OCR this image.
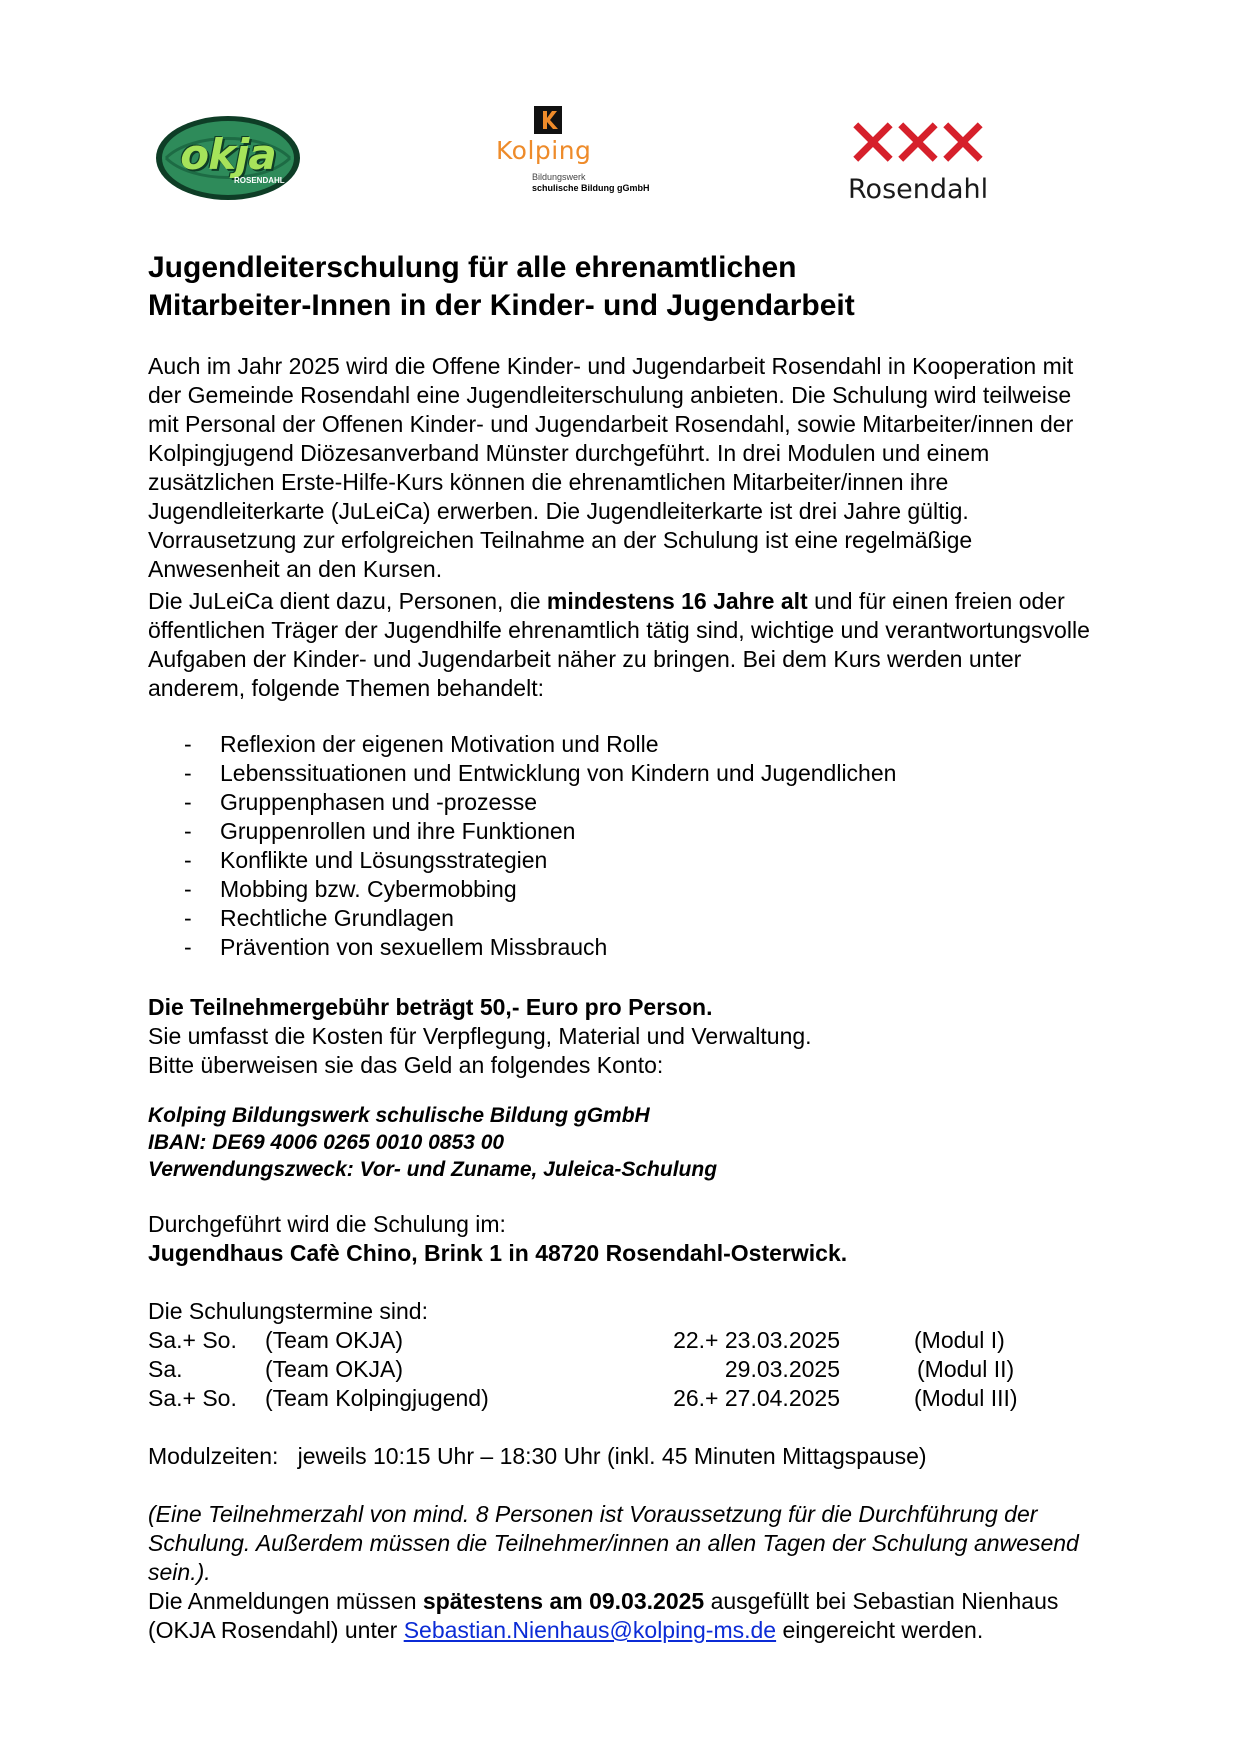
okja
ROSENDAHL
Kolping
Bildungswerk
schulische Bildung gGmbH	Rosendahl
Jugendleiterschulung für alle ehrenamtlichen
Mitarbeiter-Innen in der Kinder- und Jugendarbeit

Auch im Jahr 2025 wird die Offene Kinder- und Jugendarbeit Rosendahl in Kooperation mit der Gemeinde Rosendahl eine Jugendleiterschulung anbieten. Die Schulung wird teilweise mit Personal der Offenen Kinder- und Jugendarbeit Rosendahl, sowie Mitarbeiter/innen der Kolpingjugend Diözesanverband Münster durchgeführt. In drei Modulen und einem zusätzlichen Erste-Hilfe-Kurs können die ehrenamtlichen Mitarbeiter/innen ihre Jugendleiterkarte (JuLeiCa) erwerben. Die Jugendleiterkarte ist drei Jahre gültig. Vorrausetzung zur erfolgreichen Teilnahme an der Schulung ist eine regelmäßige Anwesenheit an den Kursen.

Die JuLeiCa dient dazu, Personen, die mindestens 16 Jahre alt und für einen freien oder öffentlichen Träger der Jugendhilfe ehrenamtlich tätig sind, wichtige und verantwortungsvolle Aufgaben der Kinder- und Jugendarbeit näher zu bringen. Bei dem Kurs werden unter anderem, folgende Themen behandelt:

- Reflexion der eigenen Motivation und Rolle
- Lebenssituationen und Entwicklung von Kindern und Jugendlichen
- Gruppenphasen und -prozesse
- Gruppenrollen und ihre Funktionen
- Konflikte und Lösungsstrategien
- Mobbing bzw. Cybermobbing
- Rechtliche Grundlagen
- Prävention von sexuellem Missbrauch

Die Teilnehmergebühr beträgt 50,- Euro pro Person.

Sie umfasst die Kosten für Verpflegung, Material und Verwaltung.

Bitte überweisen sie das Geld an folgendes Konto:

Kolping Bildungswerk schulische Bildung gGmbH
IBAN: DE69 4006 0265 0010 0853 00
Verwendungszweck: Vor- und Zuname, Juleica-Schulung

Durchgeführt wird die Schulung im:

Jugendhaus Cafè Chino, Brink 1 in 48720 Rosendahl-Osterwick.

Die Schulungstermine sind:

Sa.+ So. (Team OKJA)	22.+ 23.03.2025	(Modul I)
Sa.	(Team OKJA)	29.03.2025	(Modul II)
Sa.+ So. (Team Kolpingjugend)	26.+ 27.04.2025	(Modul III)

Modulzeiten:   jeweils 10:15 Uhr – 18:30 Uhr (inkl. 45 Minuten Mittagspause)

(Eine Teilnehmerzahl von mind. 8 Personen ist Voraussetzung für die Durchführung der Schulung. Außerdem müssen die Teilnehmer/innen an allen Tagen der Schulung anwesend sein.).

Die Anmeldungen müssen spätestens am 09.03.2025 ausgefüllt bei Sebastian Nienhaus (OKJA Rosendahl) unter Sebastian.Nienhaus@kolping-ms.de eingereicht werden.
